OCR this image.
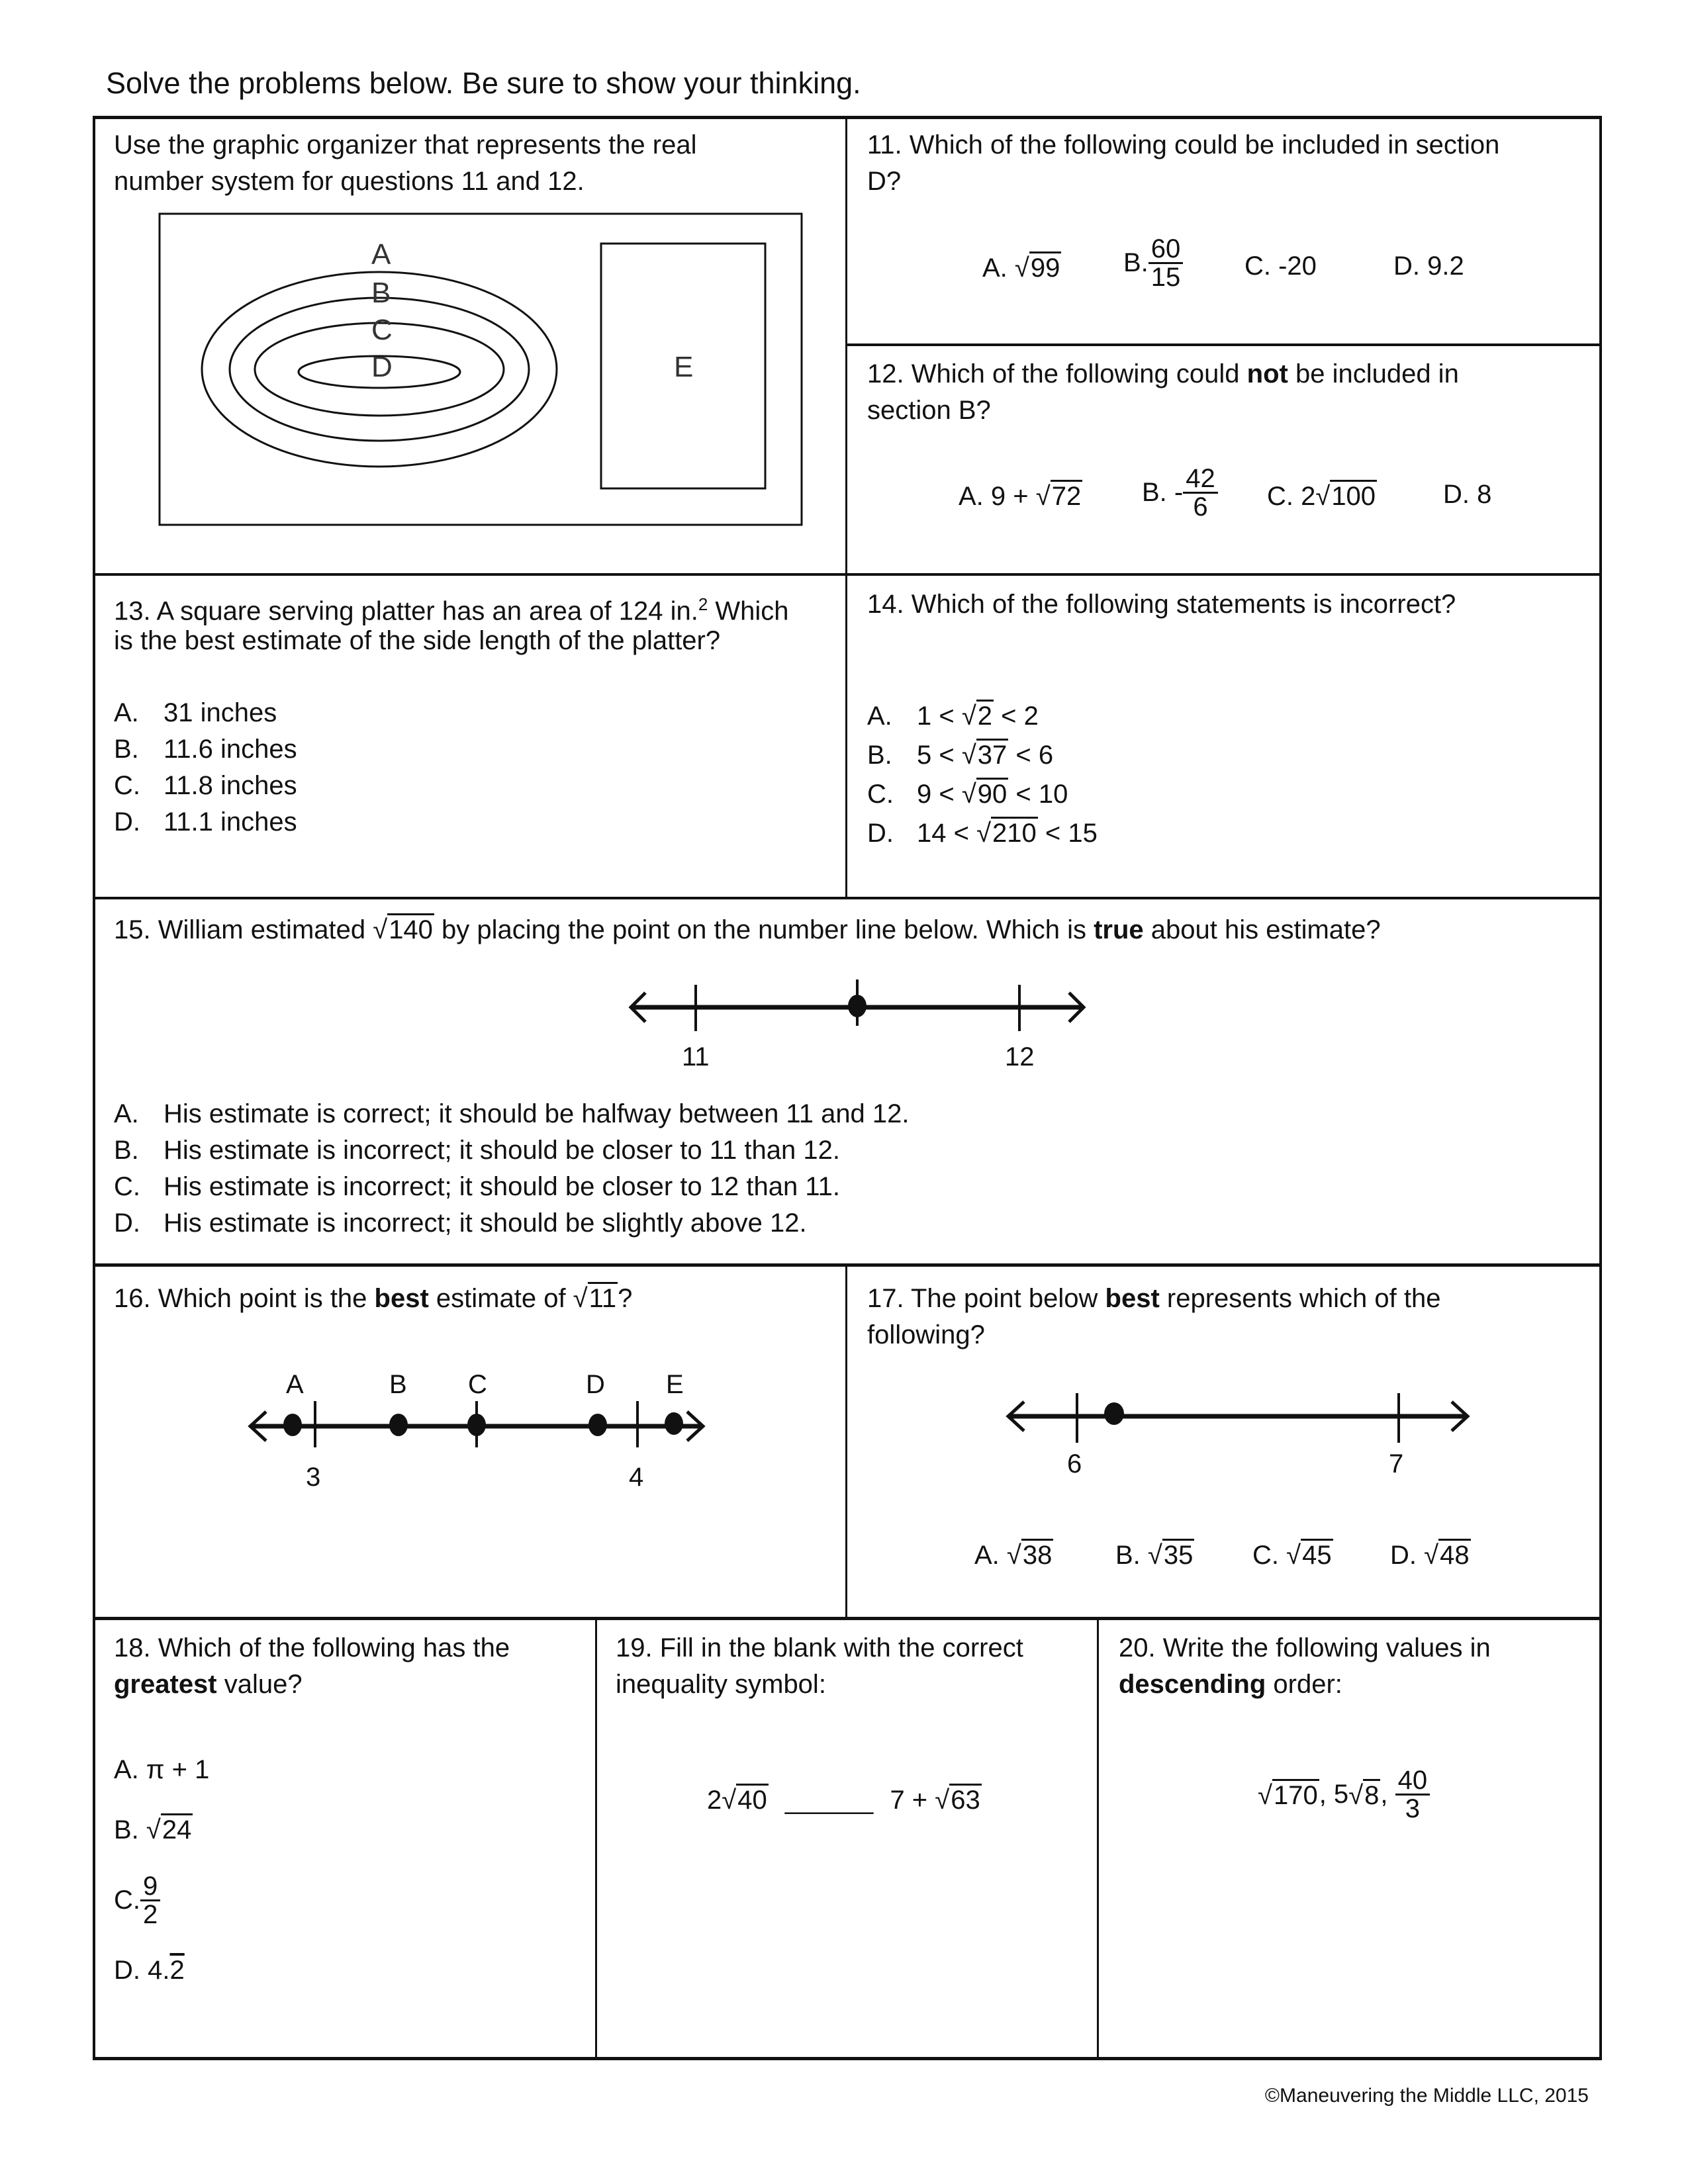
Solve the problems below. Be sure to show your thinking.
Use the graphic organizer that represents the real
number system for questions 11 and 12.
A
B
C
D	E
11. Which of the following could be included in section
D?
A. √99 B. $\frac{60}{15} C$. -20	D. 9.2
12. Which of the following could not be included in
section B?
A. 9 + √72 B. - $\frac{42}{6} C$. 2√100	D. 8
13. A square serving platter has an area of 124 in.$^2$ Which
is the best estimate of the side length of the platter?
A. 31 inches
B. 11.6 inches
C. 11.8 inches
D. 11.1 inches
14. Which of the following statements is incorrect?
A. 1 < √2 < 2
B. 5 < √37 < 6
C. 9 < √90 < 10
D. 14 < √210 < 15
15. William estimated √140 by placing the point on the number line below. Which is true about his estimate?
11	12
A. His estimate is correct; it should be halfway between 11 and 12.
B. His estimate is incorrect; it should be closer to 11 than 12.
C. His estimate is incorrect; it should be closer to 12 than 11.
D. His estimate is incorrect; it should be slightly above 12.
16. Which point is the best estimate of √11?
A	B C	D E
3	4
17. The point below best represents which of the
following?
6	7
A. √38 B. √35 C. √45 D. √48
18. Which of the following has the
greatest value?
A. π + 1
B. √24
C. $\frac{9}{2}$
D. 4.2
19. Fill in the blank with the correct
inequality symbol:
2√40 ______ 7 + √63
20. Write the following values in
descending order:
√170 , 5 √8 , $\frac{40}{3}$
©Maneuvering the Middle LLC, 2015
